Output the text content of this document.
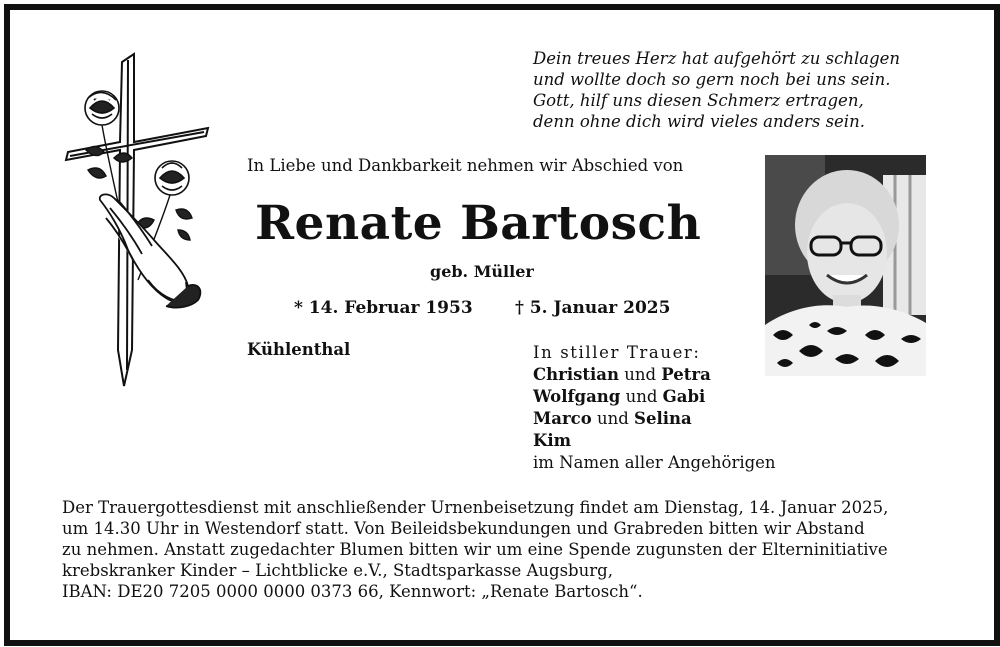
Dein treues Herz hat aufgehört zu schlagen
und wollte doch so gern noch bei uns sein.
Gott, hilf uns diesen Schmerz ertragen,
denn ohne dich wird vieles anders sein.
In Liebe und Dankbarkeit nehmen wir Abschied von
Renate Bartosch
geb. Müller
* 14. Februar 1953 † 5. Januar 2025
Kühlenthal	In stiller Trauer:
Christian und Petra
Wolfgang und Gabi
Marco und Selina
Kim
im Namen aller Angehörigen
Der Trauergottesdienst mit anschließender Urnenbeisetzung findet am Dienstag, 14. Januar 2025,
um 14.30 Uhr in Westendorf statt. Von Beileidsbekundungen und Grabreden bitten wir Abstand
zu nehmen. Anstatt zugedachter Blumen bitten wir um eine Spende zugunsten der Elterninitiative
krebskranker Kinder – Lichtblicke e.V., Stadtsparkasse Augsburg,
IBAN: DE20 7205 0000 0000 0373 66, Kennwort: „Renate Bartosch“.
